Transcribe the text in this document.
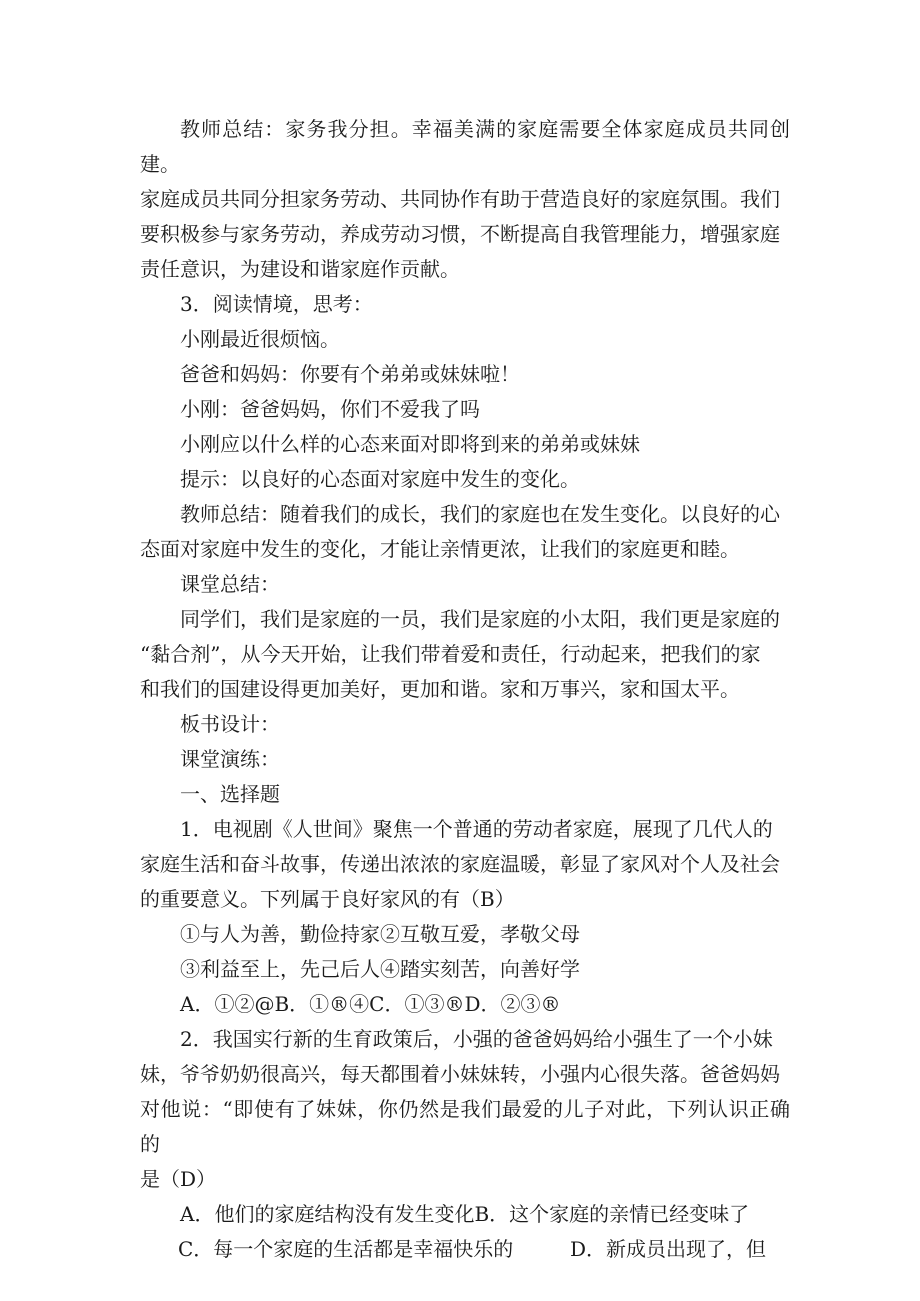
教师总结：家务我分担。幸福美满的家庭需要全体家庭成员共同创建。

家庭成员共同分担家务劳动、共同协作有助于营造良好的家庭氛围。我们

要积极参与家务劳动，养成劳动习惯，不断提高自我管理能力，增强家庭

责任意识，为建设和谐家庭作贡献。

3．阅读情境，思考：

小刚最近很烦恼。

爸爸和妈妈：你要有个弟弟或妹妹啦！

小刚：爸爸妈妈，你们不爱我了吗

小刚应以什么样的心态来面对即将到来的弟弟或妹妹

提示：以良好的心态面对家庭中发生的变化。

教师总结：随着我们的成长，我们的家庭也在发生变化。以良好的心

态面对家庭中发生的变化，才能让亲情更浓，让我们的家庭更和睦。

课堂总结：

同学们，我们是家庭的一员，我们是家庭的小太阳，我们更是家庭的

“黏合剂”，从今天开始，让我们带着爱和责任，行动起来，把我们的家

和我们的国建设得更加美好，更加和谐。家和万事兴，家和国太平。

板书设计：

课堂演练：

一、选择题

1．电视剧《人世间》聚焦一个普通的劳动者家庭，展现了几代人的

家庭生活和奋斗故事，传递出浓浓的家庭温暖，彰显了家风对个人及社会

的重要意义。下列属于良好家风的有（B）

①与人为善，勤俭持家②互敬互爱，孝敬父母

③利益至上，先己后人④踏实刻苦，向善好学

A．①②@B．①®④C．①③®D．②③®

2．我国实行新的生育政策后，小强的爸爸妈妈给小强生了一个小妹

妹，爷爷奶奶很高兴，每天都围着小妹妹转，小强内心很失落。爸爸妈妈

对他说：“即使有了妹妹，你仍然是我们最爱的儿子对此，下列认识正确的

是（D）

A．他们的家庭结构没有发生变化B．这个家庭的亲情已经变味了

C．每一个家庭的生活都是幸福快乐的	D．新成员出现了，但
